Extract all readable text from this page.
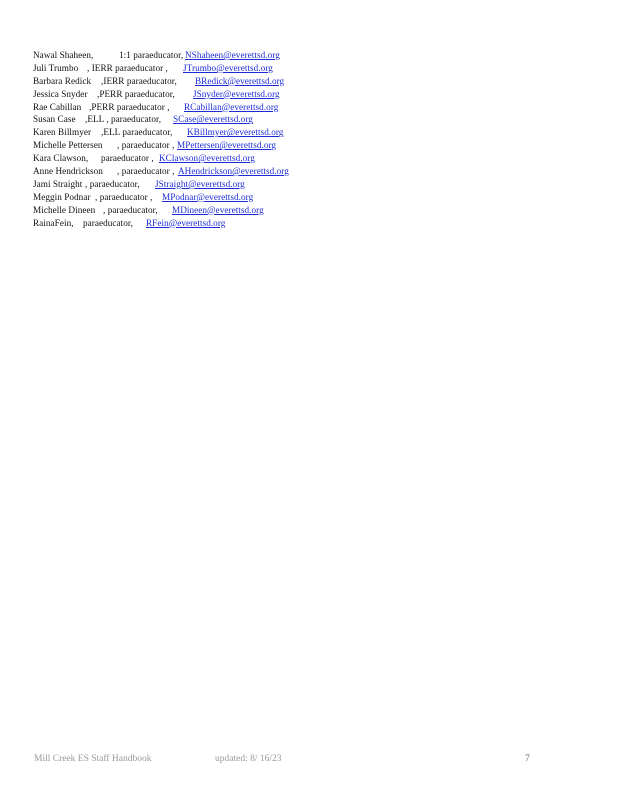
Nawal Shaheen,	1:1 paraeducator, NShaheen@everettsd.org
Juli Trumbo , IERR paraeducator , JTrumbo@everettsd.org
Barbara Redick ,IERR paraeducator, BRedick@everettsd.org
Jessica Snyder ,PERR paraeducator, JSnyder@everettsd.org
Rae Cabillan ,PERR paraeducator , RCabillan@everettsd.org
Susan Case ,ELL , paraeducator, SCase@everettsd.org
Karen Billmyer ,ELL paraeducator, KBillmyer@everettsd.org
Michelle Pettersen , paraeducator , MPettersen@everettsd.org
Kara Clawson, paraeducator , KClawson@everettsd.org
Anne Hendrickson , paraeducator , AHendrickson@everettsd.org
Jami Straight , paraeducator, JStraight@everettsd.org
Meggin Podnar , paraeducator , MPodnar@everettsd.org
Michelle Dineen , paraeducator, MDineen@everettsd.org
RainaFein, paraeducator, RFein@everettsd.org
Mill Creek ES Staff Handbook	updated: 8/ 16/23	7
